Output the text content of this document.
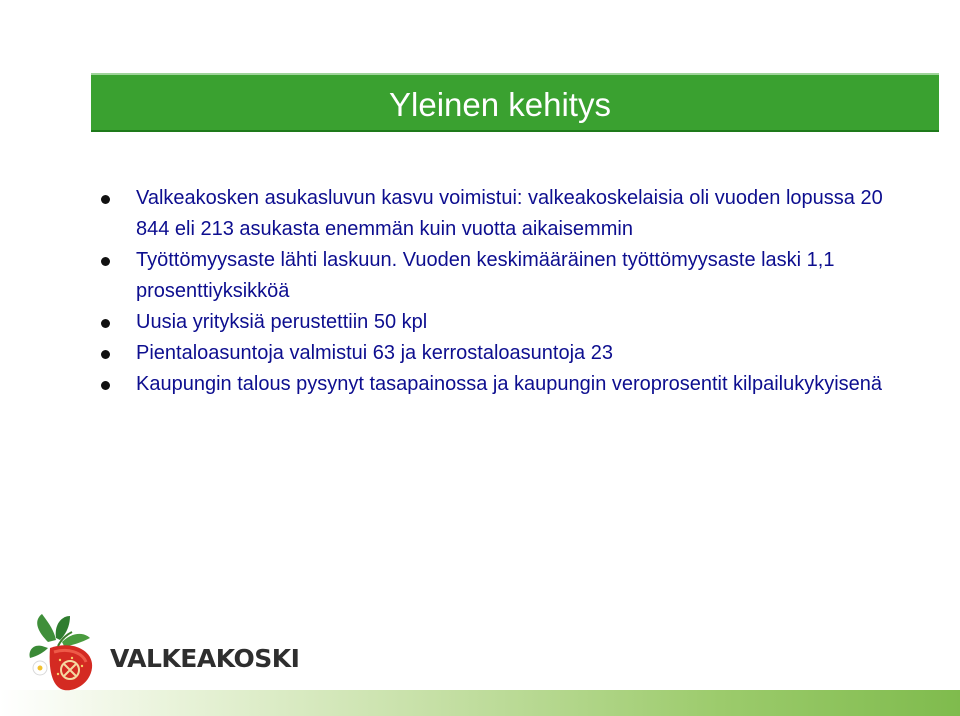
Yleinen kehitys
Valkeakosken asukasluvun kasvu voimistui: valkeakoskelaisia oli vuoden lopussa 20 844 eli 213 asukasta enemmän kuin vuotta aikaisemmin
Työttömyysaste lähti laskuun. Vuoden keskimääräinen työttömyysaste laski 1,1 prosenttiyksikköä
Uusia yrityksiä perustettiin 50 kpl
Pientaloasuntoja valmistui 63 ja kerrostaloasuntoja 23
Kaupungin talous pysynyt tasapainossa ja kaupungin veroprosentit kilpailukykyisenä
VALKEAKOSKI
